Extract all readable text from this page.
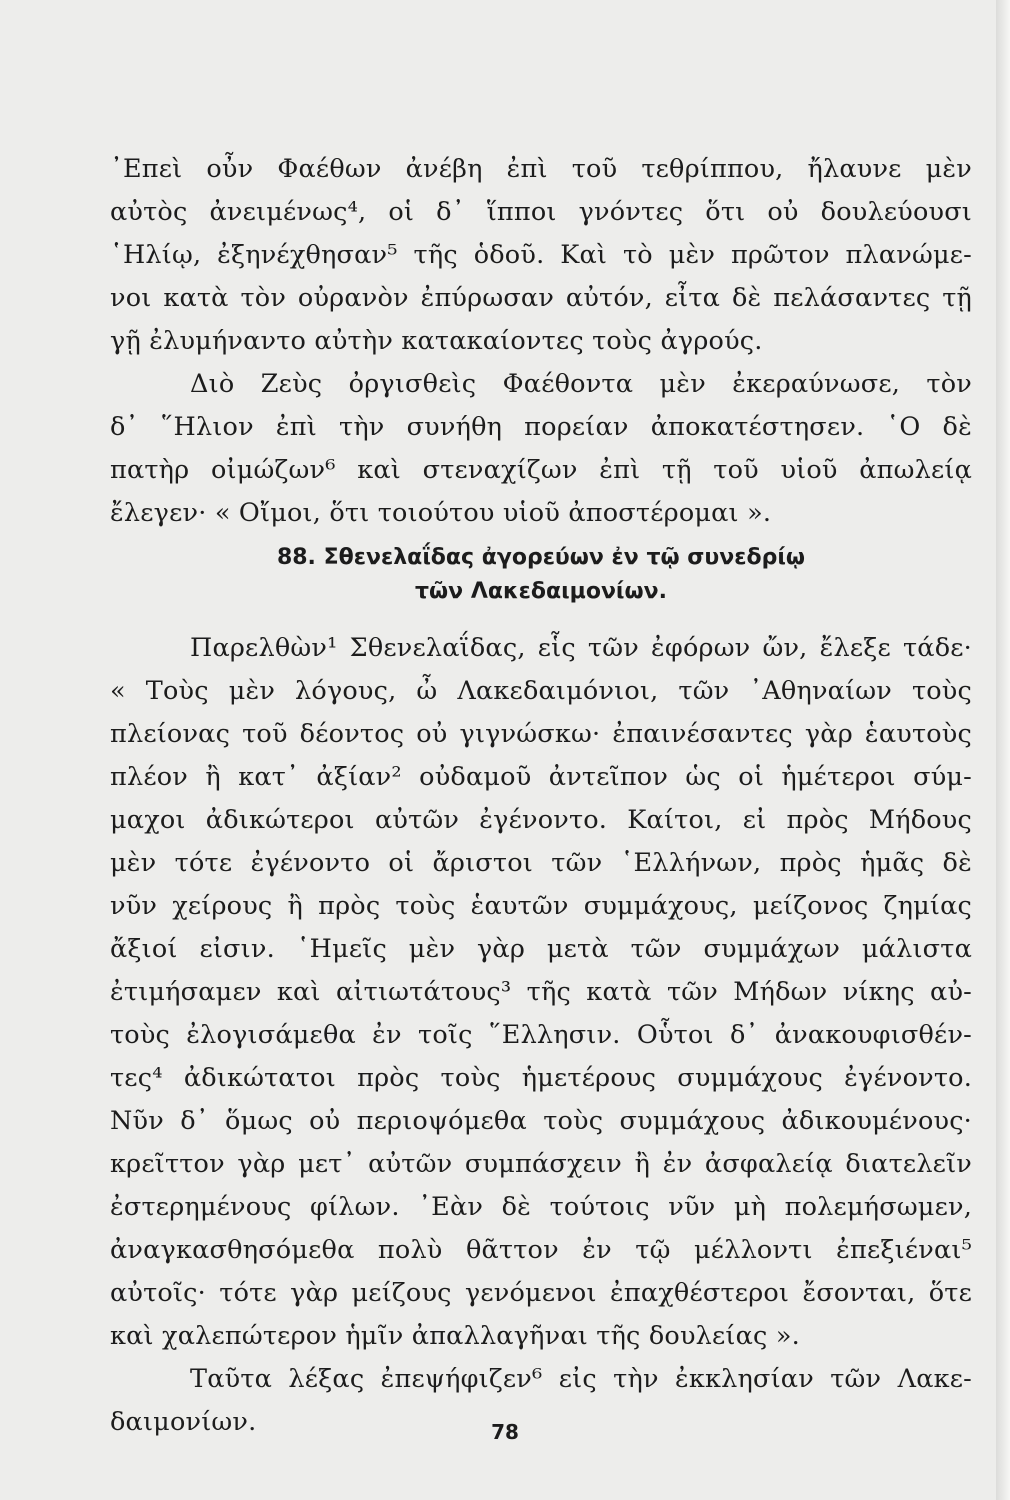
᾿Επεὶ οὖν Φαέθων ἀνέβη ἐπὶ τοῦ τεθρίππου, ἤλαυνε μὲν
αὐτὸς ἀνειμένως⁴, οἱ δ᾿ ἵπποι γνόντες ὅτι οὐ δουλεύουσι
῾Ηλίῳ, ἐξηνέχθησαν⁵ τῆς ὁδοῦ. Καὶ τὸ μὲν πρῶτον πλανώμε-
νοι κατὰ τὸν οὐρανὸν ἐπύρωσαν αὐτόν, εἶτα δὲ πελάσαντες τῇ
γῇ ἐλυμήναντο αὐτὴν κατακαίοντες τοὺς ἀγρούς.
Διὸ Ζεὺς ὀργισθεὶς Φαέθοντα μὲν ἐκεραύνωσε, τὸν
δ᾿ ῞Ηλιον ἐπὶ τὴν συνήθη πορείαν ἀποκατέστησεν. ῾Ο δὲ
πατὴρ οἰμώζων⁶ καὶ στεναχίζων ἐπὶ τῇ τοῦ υἱοῦ ἀπωλείᾳ
ἔλεγεν· « Οἴμοι, ὅτι τοιούτου υἱοῦ ἀποστέρομαι ».
88. Σθενελαΐδας ἀγορεύων ἐν τῷ συνεδρίῳ
τῶν Λακεδαιμονίων.
Παρελθὼν¹ Σθενελαΐδας, εἷς τῶν ἐφόρων ὤν, ἔλεξε τάδε·
« Τοὺς μὲν λόγους, ὦ Λακεδαιμόνιοι, τῶν ᾿Αθηναίων τοὺς
πλείονας τοῦ δέοντος οὐ γιγνώσκω· ἐπαινέσαντες γὰρ ἑαυτοὺς
πλέον ἢ κατ᾿ ἀξίαν² οὐδαμοῦ ἀντεῖπον ὡς οἱ ἡμέτεροι σύμ-
μαχοι ἀδικώτεροι αὐτῶν ἐγένοντο. Καίτοι, εἰ πρὸς Μήδους
μὲν τότε ἐγένοντο οἱ ἄριστοι τῶν ῾Ελλήνων, πρὸς ἡμᾶς δὲ
νῦν χείρους ἢ πρὸς τοὺς ἑαυτῶν συμμάχους, μείζονος ζημίας
ἄξιοί εἰσιν. ῾Ημεῖς μὲν γὰρ μετὰ τῶν συμμάχων μάλιστα
ἐτιμήσαμεν καὶ αἰτιωτάτους³ τῆς κατὰ τῶν Μήδων νίκης αὐ-
τοὺς ἐλογισάμεθα ἐν τοῖς ῞Ελλησιν. Οὗτοι δ᾿ ἀνακουφισθέν-
τες⁴ ἀδικώτατοι πρὸς τοὺς ἡμετέρους συμμάχους ἐγένοντο.
Νῦν δ᾿ ὅμως οὐ περιοψόμεθα τοὺς συμμάχους ἀδικουμένους·
κρεῖττον γὰρ μετ᾿ αὐτῶν συμπάσχειν ἢ ἐν ἀσφαλείᾳ διατελεῖν
ἐστερημένους φίλων. ᾿Εὰν δὲ τούτοις νῦν μὴ πολεμήσωμεν,
ἀναγκασθησόμεθα πολὺ θᾶττον ἐν τῷ μέλλοντι ἐπεξιέναι⁵
αὐτοῖς· τότε γὰρ μείζους γενόμενοι ἐπαχθέστεροι ἔσονται, ὅτε
καὶ χαλεπώτερον ἡμῖν ἀπαλλαγῆναι τῆς δουλείας ».
Ταῦτα λέξας ἐπεψήφιζεν⁶ εἰς τὴν ἐκκλησίαν τῶν Λακε-
δαιμονίων.	78
